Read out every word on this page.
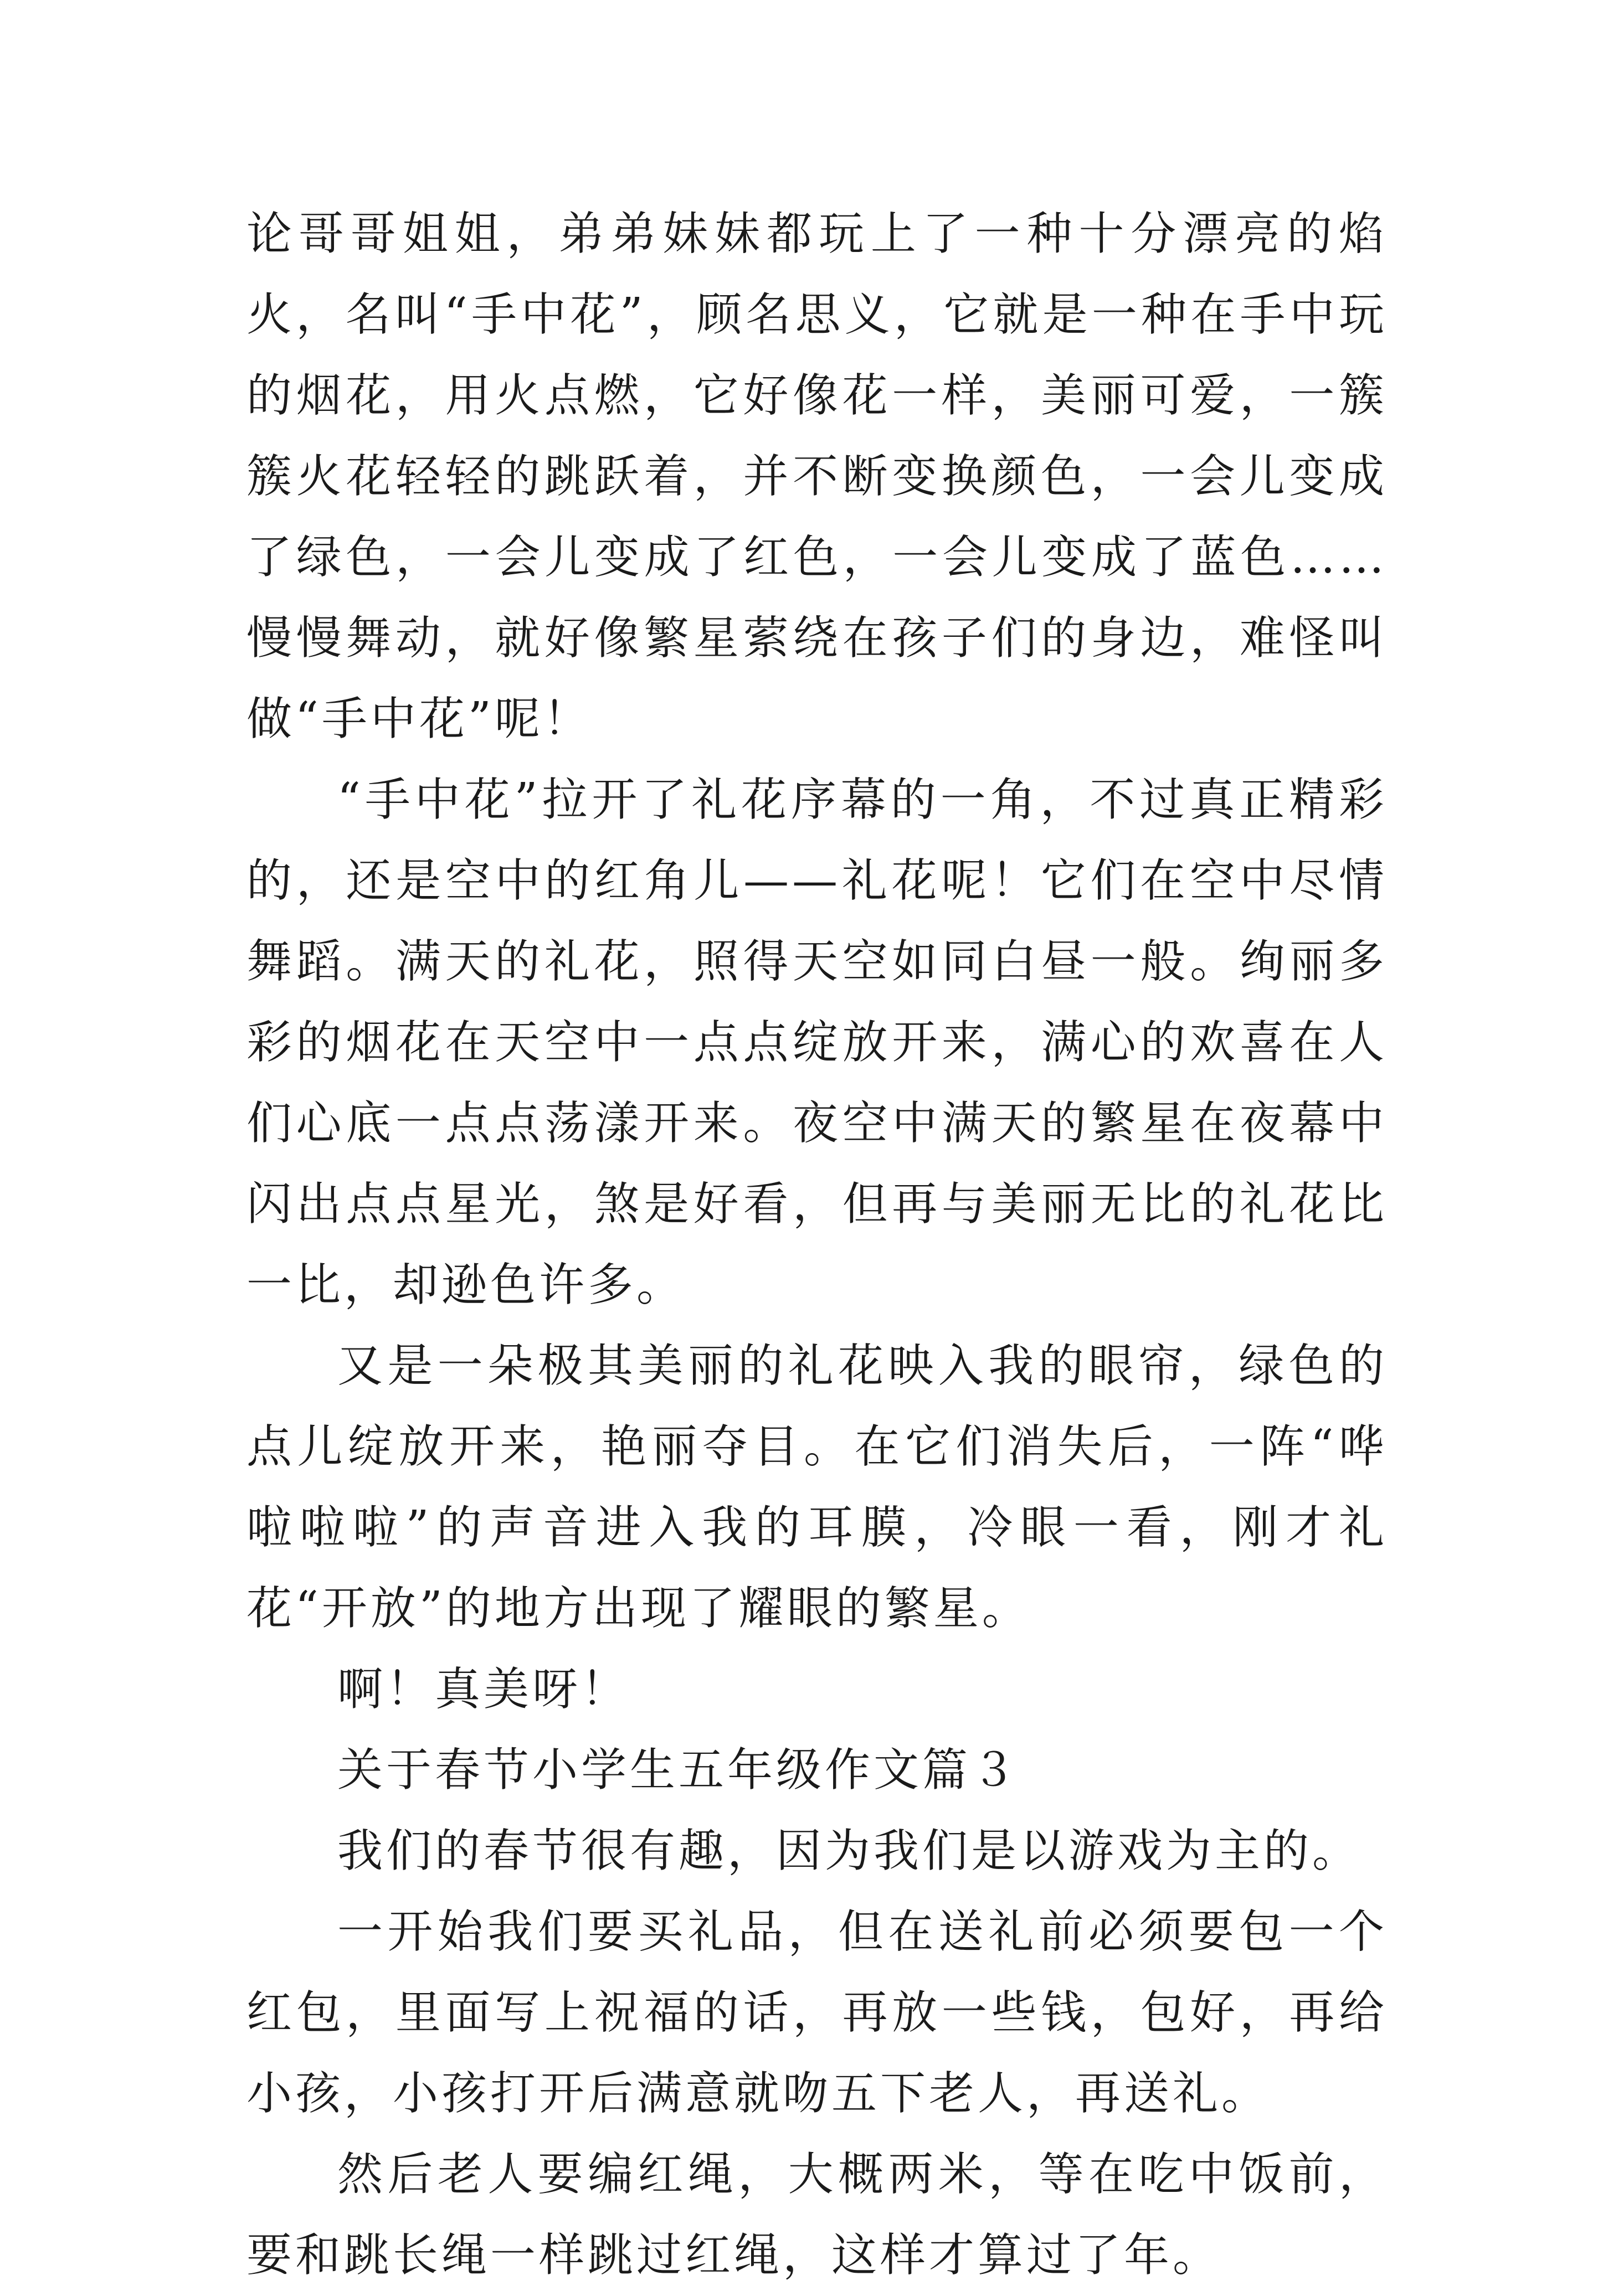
论哥哥姐姐，弟弟妹妹都玩上了一种十分漂亮的焰火，名叫“手中花”，顾名思义，它就是一种在手中玩的烟花，用火点燃，它好像花一样，美丽可爱，一簇簇火花轻轻的跳跃着，并不断变换颜色，一会儿变成了绿色，一会儿变成了红色，一会儿变成了蓝色……慢慢舞动，就好像繁星萦绕在孩子们的身边，难怪叫做“手中花”呢！

“手中花”拉开了礼花序幕的一角，不过真正精彩的，还是空中的红角儿——礼花呢！它们在空中尽情舞蹈。满天的礼花，照得天空如同白昼一般。绚丽多彩的烟花在天空中一点点绽放开来，满心的欢喜在人们心底一点点荡漾开来。夜空中满天的繁星在夜幕中闪出点点星光，煞是好看，但再与美丽无比的礼花比一比，却逊色许多。

又是一朵极其美丽的礼花映入我的眼帘，绿色的点儿绽放开来，艳丽夺目。在它们消失后，一阵“哗啦啦啦”的声音进入我的耳膜，冷眼一看，刚才礼花“开放”的地方出现了耀眼的繁星。

啊！真美呀！

关于春节小学生五年级作文篇３

我们的春节很有趣，因为我们是以游戏为主的。

一开始我们要买礼品，但在送礼前必须要包一个红包，里面写上祝福的话，再放一些钱，包好，再给小孩，小孩打开后满意就吻五下老人，再送礼。

然后老人要编红绳，大概两米，等在吃中饭前，要和跳长绳一样跳过红绳，这样才算过了年。
